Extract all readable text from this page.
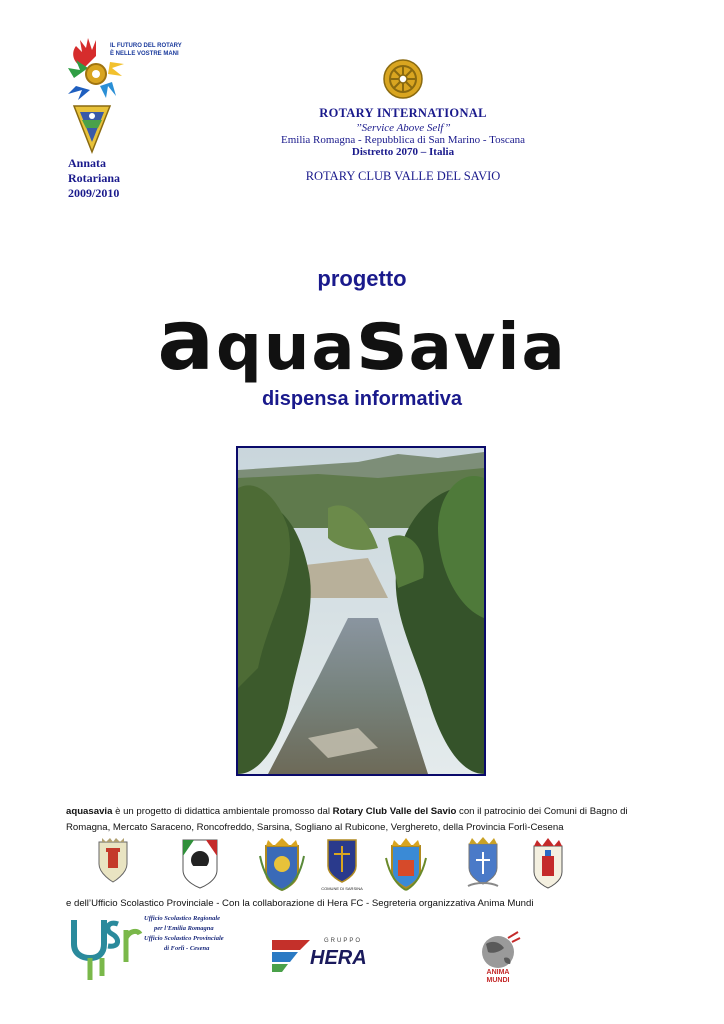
IL FUTURO DEL ROTARY
È NELLE VOSTRE MANI
Annata
Rotariana
2009/2010
ROTARY INTERNATIONAL
’’Service Above Self’’
Emilia Romagna - Repubblica di San Marino - Toscana
Distretto 2070 – Italia
ROTARY CLUB VALLE DEL SAVIO
progetto
aquasavia
dispensa informativa
aquasavia è un progetto di didattica ambientale promosso dal Rotary Club Valle del Savio con il patrocinio dei Comuni di Bagno di Romagna, Mercato Saraceno, Roncofreddo, Sarsina, Sogliano al Rubicone, Verghereto, della Provincia Forlì-Cesena
COMUNE DI SARSINA
e dell’Ufficio Scolastico Provinciale - Con la collaborazione di Hera FC - Segreteria organizzativa Anima Mundi
Ufficio Scolastico Regionale
per l'Emilia Romagna
Ufficio Scolastico Provinciale
di Forlì - Cesena
GRUPPO
HERA
ANIMA
MUNDI
